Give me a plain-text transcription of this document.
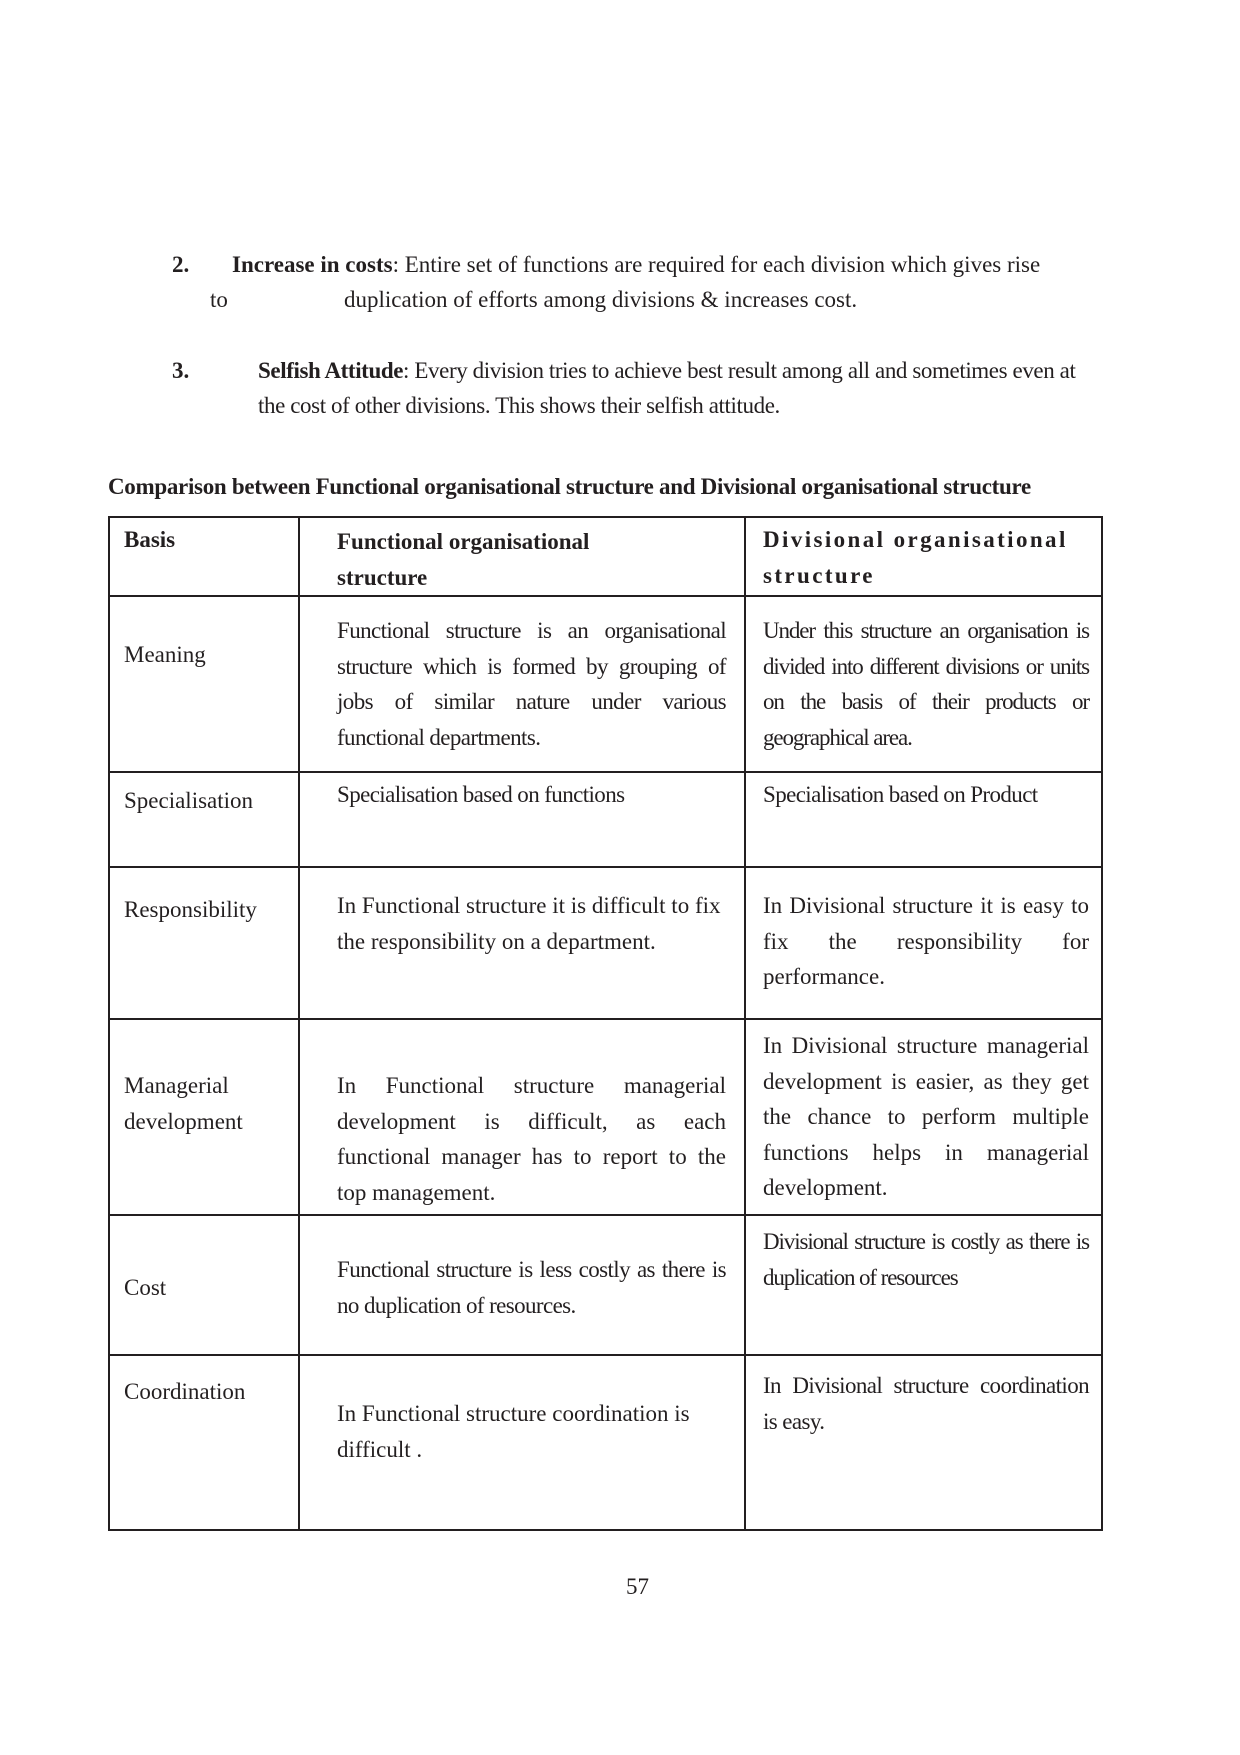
2. Increase in costs: Entire set of functions are required for each division which gives rise
to	duplication of efforts among divisions & increases cost.
3.	Selfish Attitude: Every division tries to achieve best result among all and sometimes even at the cost of other divisions. This shows their selfish attitude.
Comparison between Functional organisational structure and Divisional organisational structure
Basis	Functional organisational structure	Divisional organisational structure

Meaning	Functional structure is an organisational structure which is formed by grouping of jobs of similar nature under various functional departments.	Under this structure an organisation is divided into different divisions or units on the basis of their products or geographical area.

Specialisation	Specialisation based on functions	Specialisation based on Product

Responsibility	In Functional structure it is difficult to fix the responsibility on a department.	In Divisional structure it is easy to fix the responsibility for performance.

Managerial development	In Functional structure managerial development is difficult, as each functional manager has to report to the top management.	In Divisional structure managerial development is easier, as they get the chance to perform multiple functions helps in managerial development.

Cost	Functional structure is less costly as there is no duplication of resources.	Divisional structure is costly as there is duplication of resources

Coordination	In Functional structure coordination is difficult .	In Divisional structure coordination is easy.
57
